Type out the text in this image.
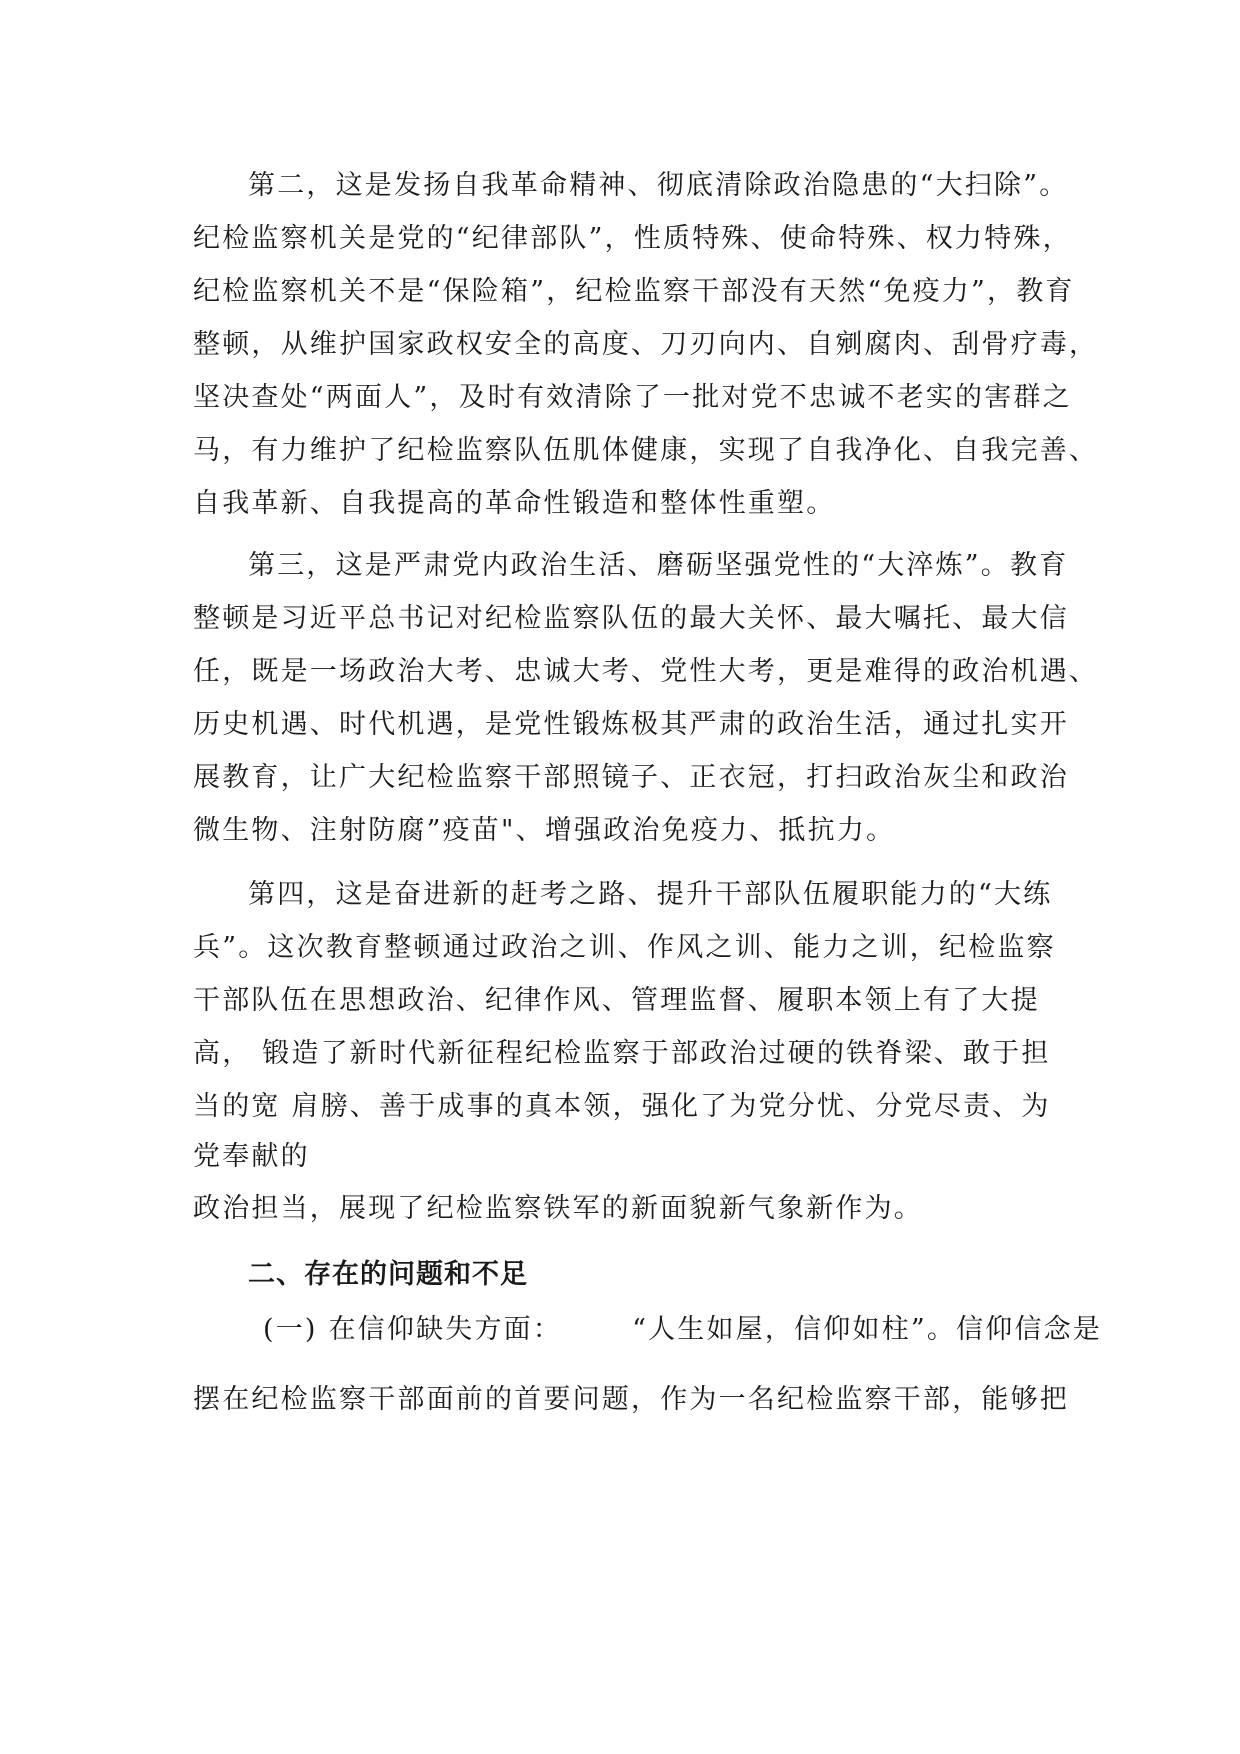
第二，这是发扬自我革命精神、彻底清除政治隐患的“大扫除”。
纪检监察机关是党的“纪律部队”，性质特殊、使命特殊、权力特殊，
纪检监察机关不是“保险箱”，纪检监察干部没有天然“免疫力”，教育
整顿，从维护国家政权安全的高度、刀刃向内、自剜腐肉、刮骨疗毒，
坚决查处“两面人”，及时有效清除了一批对党不忠诚不老实的害群之
马，有力维护了纪检监察队伍肌体健康，实现了自我净化、自我完善、
自我革新、自我提高的革命性锻造和整体性重塑。
第三，这是严肃党内政治生活、磨砺坚强党性的“大淬炼”。教育
整顿是习近平总书记对纪检监察队伍的最大关怀、最大嘱托、最大信
任，既是一场政治大考、忠诚大考、党性大考，更是难得的政治机遇、
历史机遇、时代机遇，是党性锻炼极其严肃的政治生活，通过扎实开
展教育，让广大纪检监察干部照镜子、正衣冠，打扫政治灰尘和政治
微生物、注射防腐”疫苗"、增强政治免疫力、抵抗力。
第四，这是奋进新的赶考之路、提升干部队伍履职能力的“大练
兵”。这次教育整顿通过政治之训、作风之训、能力之训，纪检监察
干部队伍在思想政治、纪律作风、管理监督、履职本领上有了大提
高， 锻造了新时代新征程纪检监察于部政治过硬的铁脊梁、敢于担
当的宽 肩膀、善于成事的真本领，强化了为党分忧、分党尽责、为
党奉献的
政治担当，展现了纪检监察铁军的新面貌新气象新作为。
二、存在的问题和不足
(一) 在信仰缺失方面：	“人生如屋，信仰如柱”。信仰信念是
摆在纪检监察干部面前的首要问题，作为一名纪检监察干部，能够把
